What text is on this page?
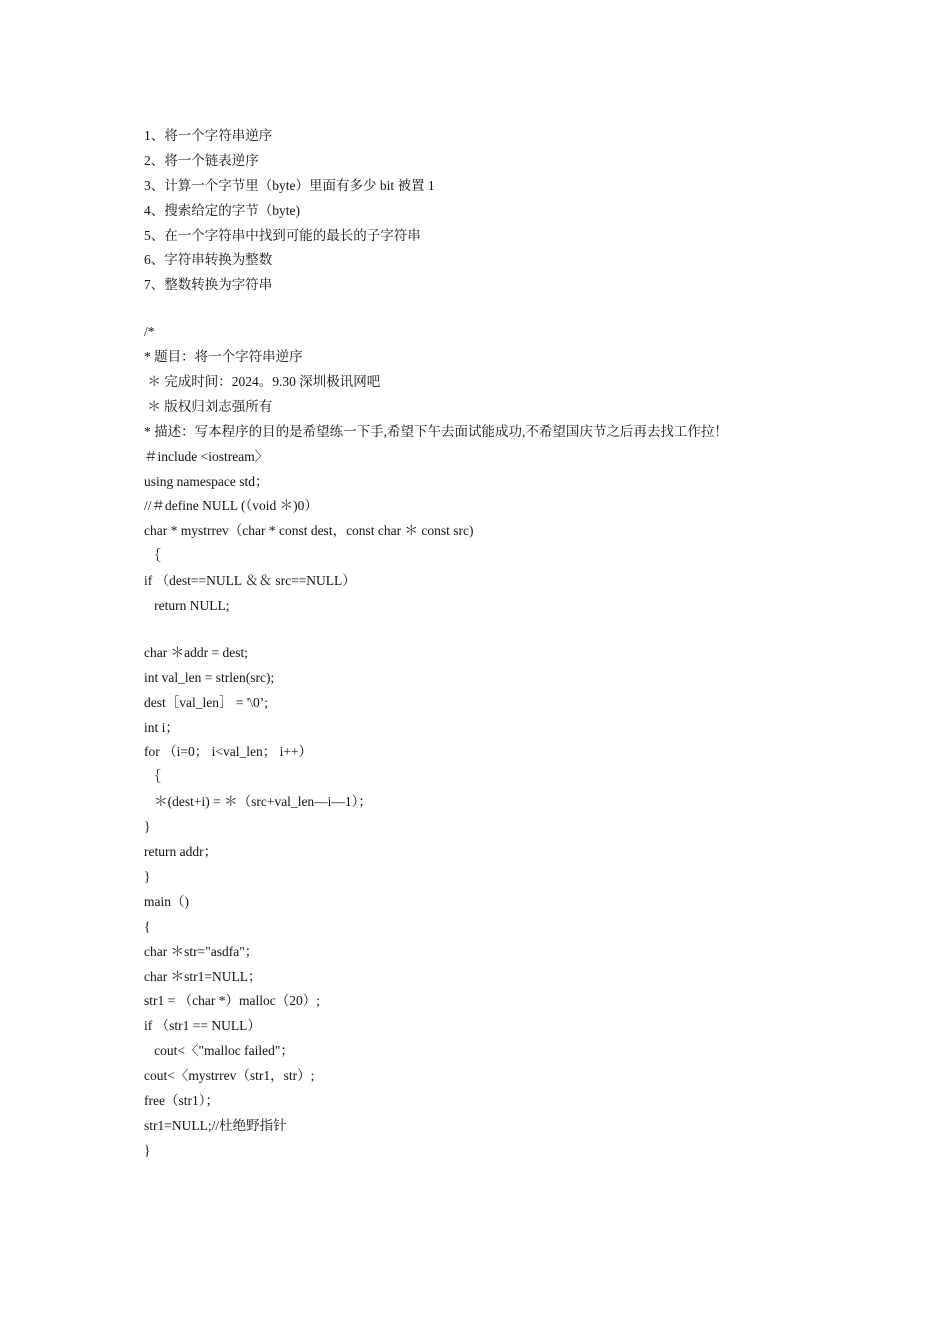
1、将一个字符串逆序
2、将一个链表逆序
3、计算一个字节里（byte）里面有多少 bit 被置 1
4、搜索给定的字节（byte)
5、在一个字符串中找到可能的最长的子字符串
6、字符串转换为整数
7、整数转换为字符串
/*
* 题目：将一个字符串逆序
＊ 完成时间：2024。9.30 深圳极讯网吧
＊ 版权归刘志强所有
* 描述：写本程序的目的是希望练一下手,希望下午去面试能成功,不希望国庆节之后再去找工作拉！
＃include <iostream〉
using namespace std；
//＃define NULL (（void ＊)0）
char * mystrrev（char * const dest，const char ＊ const src)
｛
if （dest==NULL ＆＆ src==NULL）
return NULL;
char ＊addr = dest;
int val_len = strlen(src);
dest［val_len］ = '\0’;
int i；
for （i=0； i<val_len； i++）
｛
＊(dest+i) = ＊（src+val_len—i—1）；
}
return addr；
}
main（)
{
char ＊str="asdfa"；
char ＊str1=NULL；
str1 = （char *）malloc（20）;
if （str1 == NULL）
cout<〈"malloc failed"；
cout<〈mystrrev（str1，str）;
free（str1）；
str1=NULL;//杜绝野指针
}
